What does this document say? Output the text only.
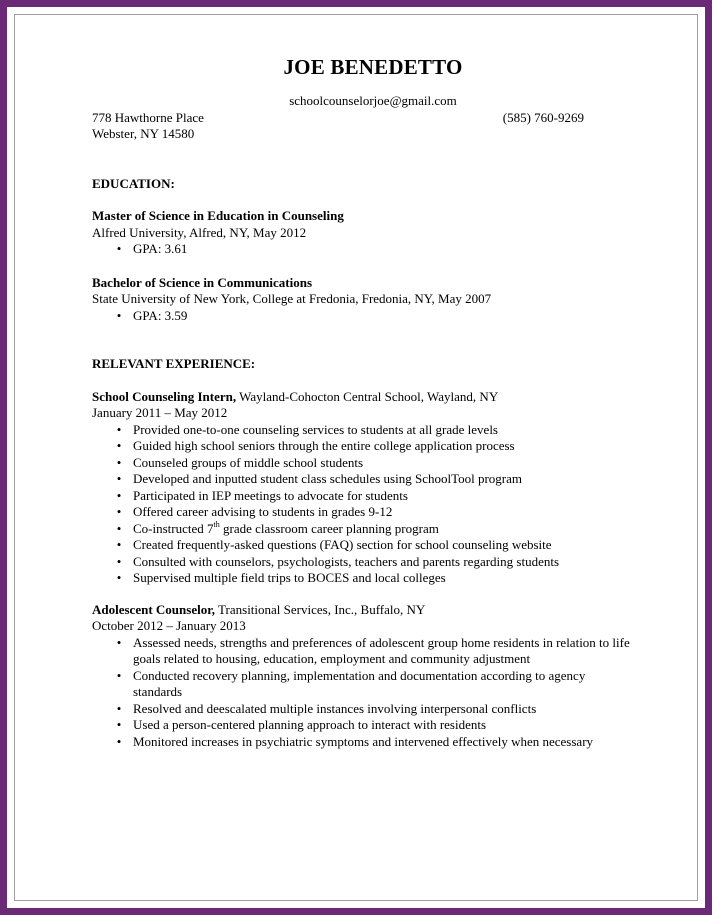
JOE BENEDETTO
schoolcounselorjoe@gmail.com
778 Hawthorne Place	(585) 760-9269
Webster, NY 14580
EDUCATION:
Master of Science in Education in Counseling
Alfred University, Alfred, NY, May 2012
• GPA: 3.61
Bachelor of Science in Communications
State University of New York, College at Fredonia, Fredonia, NY, May 2007
• GPA: 3.59
RELEVANT EXPERIENCE:
School Counseling Intern, Wayland-Cohocton Central School, Wayland, NY
January 2011 – May 2012
• Provided one-to-one counseling services to students at all grade levels
• Guided high school seniors through the entire college application process
• Counseled groups of middle school students
• Developed and inputted student class schedules using SchoolTool program
• Participated in IEP meetings to advocate for students
• Offered career advising to students in grades 9-12
• Co-instructed 7th grade classroom career planning program
• Created frequently-asked questions (FAQ) section for school counseling website
• Consulted with counselors, psychologists, teachers and parents regarding students
• Supervised multiple field trips to BOCES and local colleges
Adolescent Counselor, Transitional Services, Inc., Buffalo, NY
October 2012 – January 2013
• Assessed needs, strengths and preferences of adolescent group home residents in relation to life goals related to housing, education, employment and community adjustment
• Conducted recovery planning, implementation and documentation according to agency standards
• Resolved and deescalated multiple instances involving interpersonal conflicts
• Used a person-centered planning approach to interact with residents
• Monitored increases in psychiatric symptoms and intervened effectively when necessary
